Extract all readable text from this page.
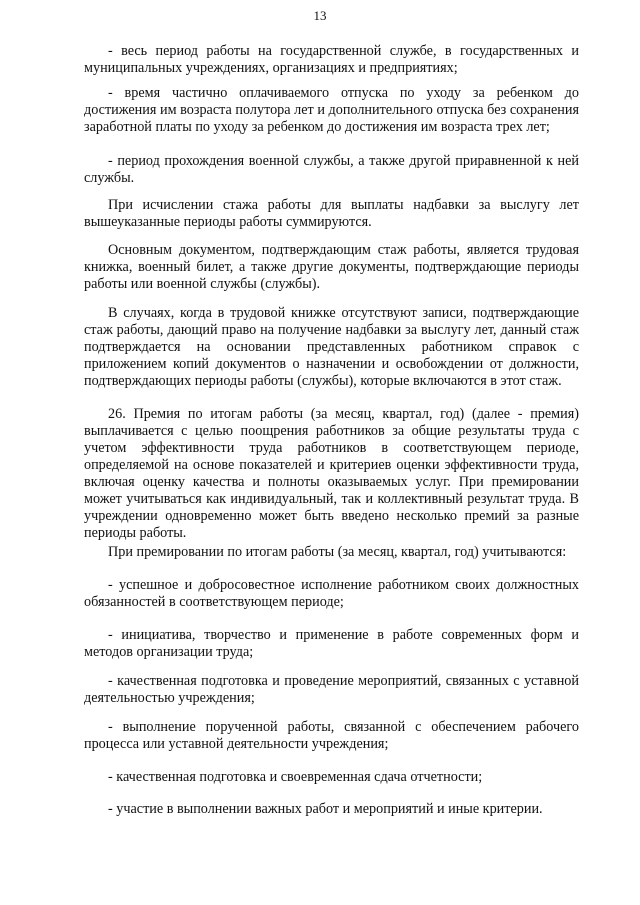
13

- весь период работы на государственной службе, в государственных и муниципальных учреждениях, организациях и предприятиях;

- время частично оплачиваемого отпуска по уходу за ребенком до достижения им возраста полутора лет и дополнительного отпуска без сохранения заработной платы по уходу за ребенком до достижения им возраста трех лет;

- период прохождения военной службы, а также другой приравненной к ней службы.

При исчислении стажа работы для выплаты надбавки за выслугу лет вышеуказанные периоды работы суммируются.

Основным документом, подтверждающим стаж работы, является трудовая книжка, военный билет, а также другие документы, подтверждающие периоды работы или военной службы (службы).

В случаях, когда в трудовой книжке отсутствуют записи, подтверждающие стаж работы, дающий право на получение надбавки за выслугу лет, данный стаж подтверждается на основании представленных работником справок с приложением копий документов о назначении и освобождении от должности, подтверждающих периоды работы (службы), которые включаются в этот стаж.

26. Премия по итогам работы (за месяц, квартал, год) (далее - премия) выплачивается с целью поощрения работников за общие результаты труда с учетом эффективности труда работников в соответствующем периоде, определяемой на основе показателей и критериев оценки эффективности труда, включая оценку качества и полноты оказываемых услуг. При премировании может учитываться как индивидуальный, так и коллективный результат труда. В учреждении одновременно может быть введено несколько премий за разные периоды работы.

При премировании по итогам работы (за месяц, квартал, год) учитываются:

- успешное и добросовестное исполнение работником своих должностных обязанностей в соответствующем периоде;

- инициатива, творчество и применение в работе современных форм и методов организации труда;

- качественная подготовка и проведение мероприятий, связанных с уставной деятельностью учреждения;

- выполнение порученной работы, связанной с обеспечением рабочего процесса или уставной деятельности учреждения;

- качественная подготовка и своевременная сдача отчетности;

- участие в выполнении важных работ и мероприятий и иные критерии.
